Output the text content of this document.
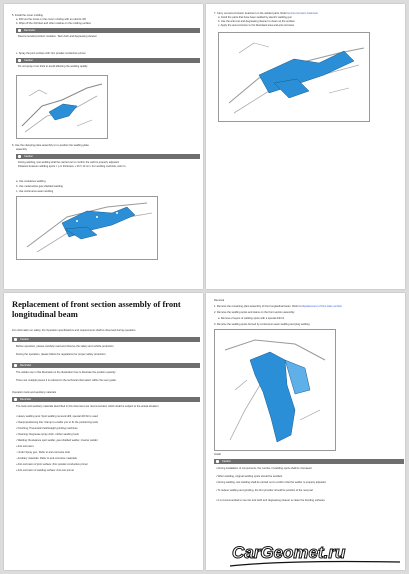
5. Install the cover molding
a. Drill out the rivets on the cover molding with an electric drill
b. Wipe off the drill dust and other residue on the molding surface
Reminder
Recommended product: isolation. Tack cloth and degreasing cleaner.
c. Spray the joint surface with zinc powder conductive primer
Caution
Do not spray it too thick to avoid affecting the welding quality.
6. Use the clamping plate assembly to re-position the welding plate
assembly.
Caution
During welding, test welding shall be carried out to confirm the weld is properly adjusted.
Distance between welding spots = p in thickness + 20 ± 10 mm. For welding methods, refer to
a. Use resistance welding
b. Use metal active gas shielded welding
c. Use continuous seam welding
7. Carry out anti-corrosion treatment on the welded parts. Refer to Anti-corrosion treatment
a. Grind the parts that have been welded by electric welding gun
b. Use the anti-rust and degreasing cleaner to clean up the surface
c. Apply the anti-corrosion to the illustrated area and anti-corrosive
Replacement of front section assembly of front longitudinal beam
For information on safety, the Operation specifications and requirements shall be observed during operation.
Caution
Before operation, please carefully read and observe the safety and vehicle protection.
During the operation, please follow the regulations for proper safety protection.
Reminder
The welder use in this illustration is the illustration how to illustrate the position quantity.
There are multiple pieces it is referred to the technical information within the user guide.
Operation tools and auxiliary materials
Reminder
The tools and auxiliary materials described in this document are recommended, which shall be subject to the actual situation.
• Heavy welding spot: Spot welding removal drill, special drill bit is used
• Clamp/positioning kits: Clamp to enable you to fix the positioning tools
• Finishing: Pneumatic belt/straight grinding machines
• Cleaning: Degrease spray cloth, rubber sanding tools
• Welding: Resistance spot welder, gas shielded welder, inverter welder
• Anti-corrosion:
◦ Under Spray gun, Refer to anti-corrosive tools
◦ Auxiliary materials: Refer to anti-corrosive materials
▪ Anti-corrosion of joint surface: Zinc powder conductive primer
▪ Anti-corrosion of welding surface: Anti-rust primer
Removal
1. Remove the remaining plant assembly of front longitudinal beam. Refer to Replacement of front side member
2. Remove the welding spots and stains on the front section assembly.
a. Remove 2 layers of welding spots with a special drill bit
3. Remove the welding spots formed by continuous seam welding and plug welding
Install
Caution
• During installation of components, the number of welding spots shall be increased
• When welding, original welding spots should be avoided.
• During welding, test welding shall be carried out to confirm that the welder is properly adjusted.
• To reduce welding and grinding, the first provider should be position of the new part
• It is recommended to use the tool cloth and degreasing cleaner to clean the bonding surfaces.
CarGeomet.ru
